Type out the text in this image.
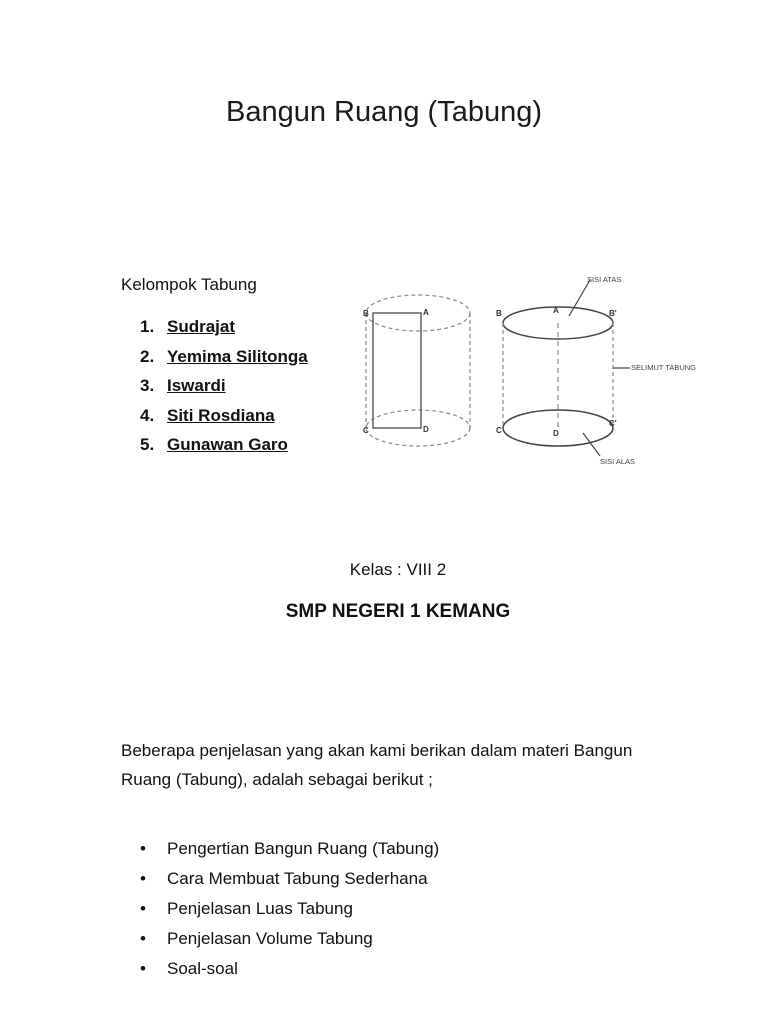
Bangun Ruang (Tabung)
Kelompok Tabung
1. Sudrajat
2. Yemima Silitonga
3. Iswardi
4. Siti Rosdiana
5. Gunawan Garo
B	A
C	D
B	A	B'
C	D
C'
SISI ATAS
SELIMUT TABUNG
SISI ALAS
Kelas : VIII 2
SMP NEGERI 1 KEMANG
Beberapa penjelasan yang akan kami berikan dalam materi Bangun Ruang (Tabung), adalah sebagai berikut ;
•	Pengertian Bangun Ruang (Tabung)
•	Cara Membuat Tabung Sederhana
•	Penjelasan Luas Tabung
•	Penjelasan Volume Tabung
•	Soal-soal
